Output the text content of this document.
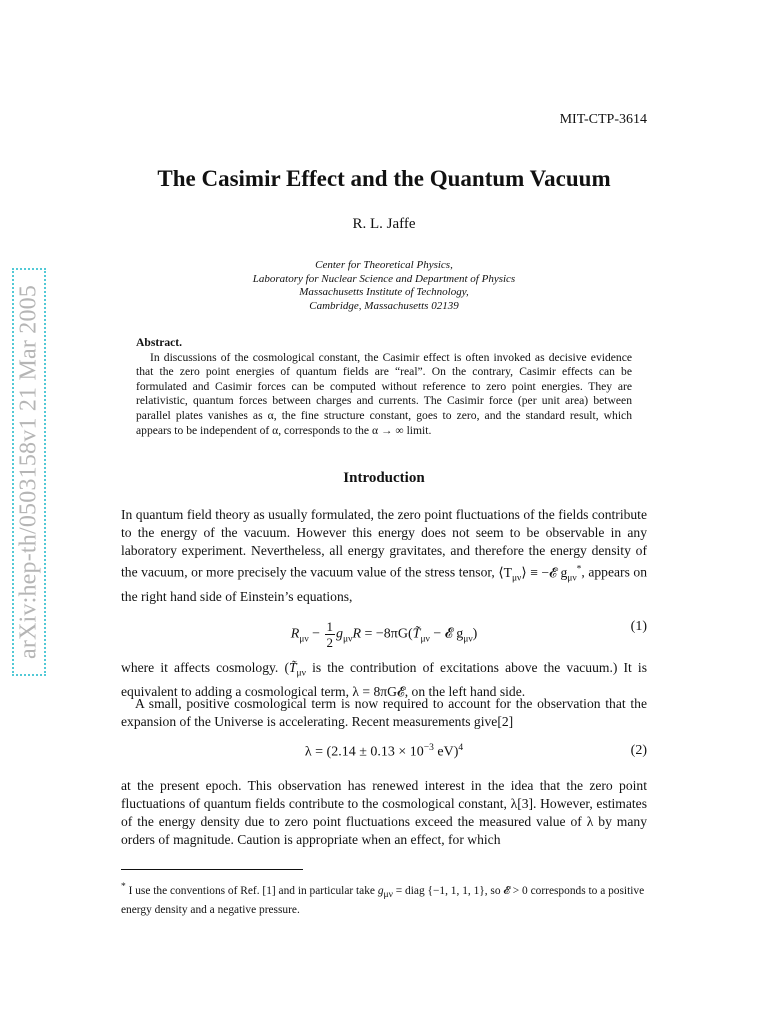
arXiv:hep-th/0503158v1 21 Mar 2005
MIT-CTP-3614
The Casimir Effect and the Quantum Vacuum
R. L. Jaffe
Center for Theoretical Physics,
Laboratory for Nuclear Science and Department of Physics
Massachusetts Institute of Technology,
Cambridge, Massachusetts 02139
Abstract.
In discussions of the cosmological constant, the Casimir effect is often invoked as decisive evidence that the zero point energies of quantum fields are “real”. On the contrary, Casimir effects can be formulated and Casimir forces can be computed without reference to zero point energies. They are relativistic, quantum forces between charges and currents. The Casimir force (per unit area) between parallel plates vanishes as α, the fine structure constant, goes to zero, and the standard result, which appears to be independent of α, corresponds to the α → ∞ limit.
Introduction

In quantum field theory as usually formulated, the zero point fluctuations of the fields contribute to the energy of the vacuum. However this energy does not seem to be observable in any laboratory experiment. Nevertheless, all energy gravitates, and therefore the energy density of the vacuum, or more precisely the vacuum value of the stress tensor, $⟨T_{\mu\nu}⟩$ ≡ −𝓔 $g_{\mu\nu}^*$, appears on the right hand side of Einstein’s equations,

$R_{\mu\nu} - \frac{1}{2} g_{\mu\nu}R$ = $-8\pi G(T̃_{\mu\nu}$ − 𝓔 $g_{\mu\nu}$)
(1)

where it affects cosmology. ($T̃_{\mu\nu}$ is the contribution of excitations above the vacuum.) It is equivalent to adding a cosmological term, λ = 8πG𝓔, on the left hand side.

A small, positive cosmological term is now required to account for the observation that the expansion of the Universe is accelerating. Recent measurements give[2]

$\lambda = (2.14 \pm 0.13 \times 10^{-3}$ eV)$^4$	(2)

at the present epoch. This observation has renewed interest in the idea that the zero point fluctuations of quantum fields contribute to the cosmological constant, λ[3]. However, estimates of the energy density due to zero point fluctuations exceed the measured value of λ by many orders of magnitude. Caution is appropriate when an effect, for which

* I use the conventions of Ref. [1] and in particular take $g_{\mu\nu}$ = diag {−1, 1, 1, 1}, so 𝓔 > 0 corresponds to a positive energy density and a negative pressure.
